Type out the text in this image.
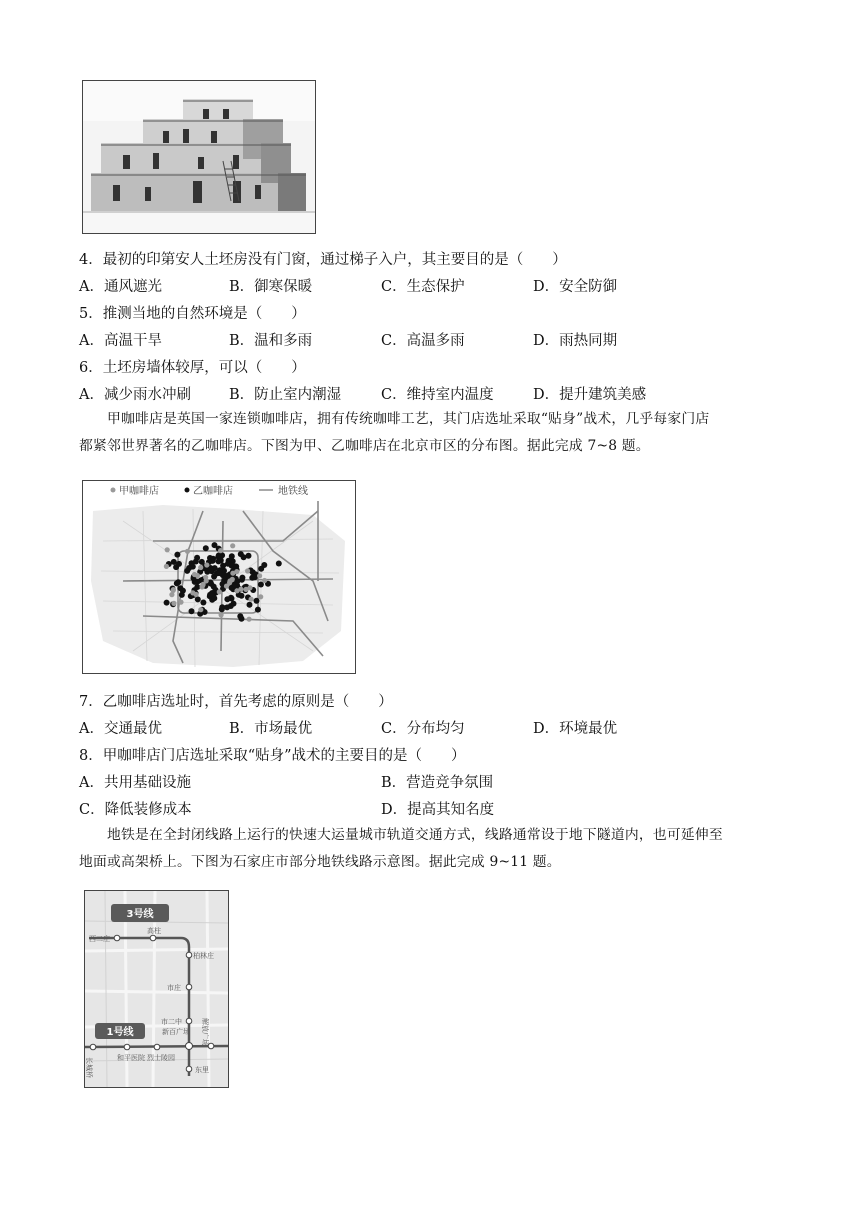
4．最初的印第安人土坯房没有门窗，通过梯子入户，其主要目的是（　　）
A．通风遮光	B．御寒保暖	C．生态保护	D．安全防御
5．推测当地的自然环境是（　　）
A．高温干旱	B．温和多雨	C．高温多雨	D．雨热同期
6．土坯房墙体较厚，可以（　　）
A．减少雨水冲刷	B．防止室内潮湿	C．维持室内温度	D．提升建筑美感
甲咖啡店是英国一家连锁咖啡店，拥有传统咖啡工艺，其门店选址采取“贴身”战术，几乎每家门店
都紧邻世界著名的乙咖啡店。下图为甲、乙咖啡店在北京市区的分布图。据此完成 7~8 题。
甲咖啡店	乙咖啡店	地铁线
7．乙咖啡店选址时，首先考虑的原则是（　　）
A．交通最优	B．市场最优	C．分布均匀	D．环境最优
8．甲咖啡店门店选址采取“贴身”战术的主要目的是（　　）
A．共用基础设施	B．营造竞争氛围
C．降低装修成本	D．提高其知名度
地铁是在全封闭线路上运行的快速大运量城市轨道交通方式，线路通常设于地下隧道内，也可延伸至
地面或高架桥上。下图为石家庄市部分地铁线路示意图。据此完成 9~11 题。
3号线
1号线
西二庄
高柱
柏林庄
市庄
市二中
新百广场 解放广场
长城桥	和平医院 烈士陵园
东里
